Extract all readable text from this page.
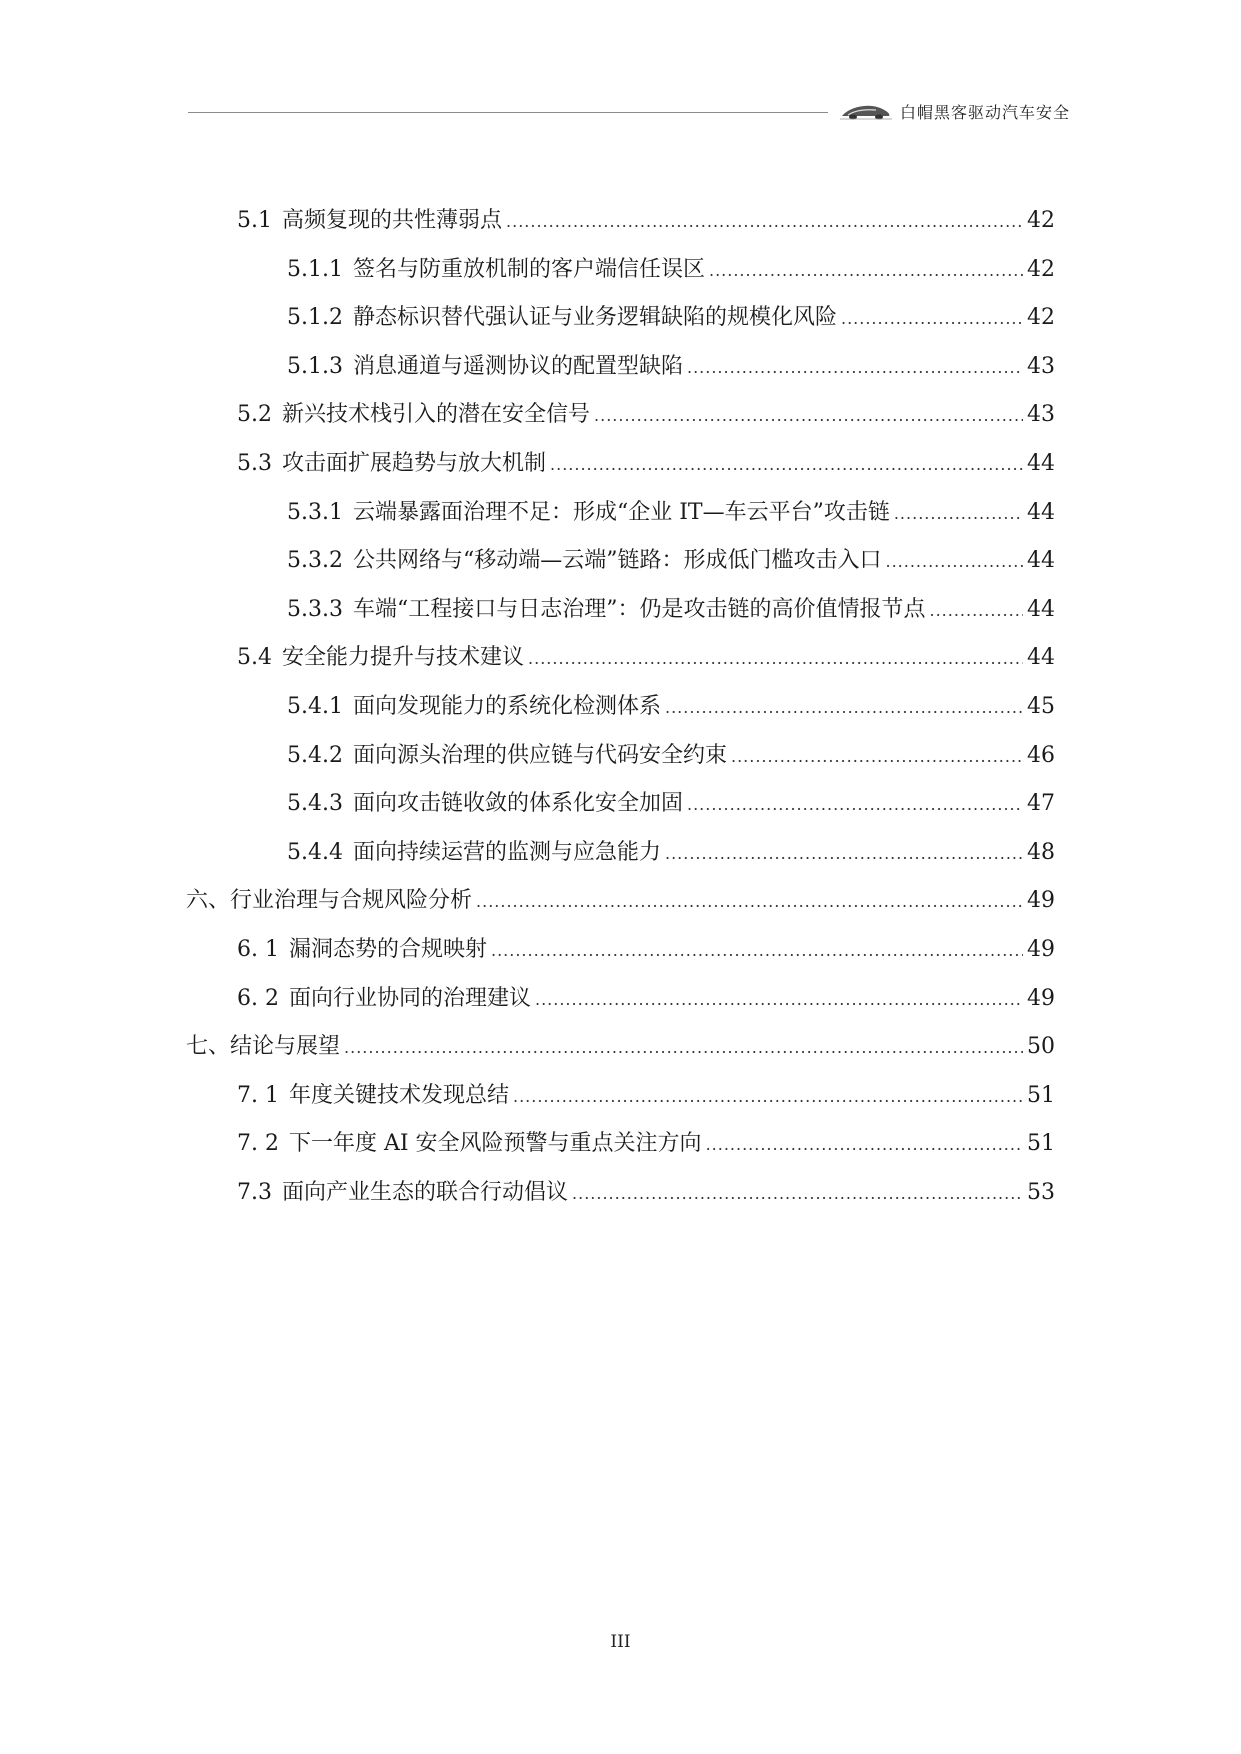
白帽黑客驱动汽车安全
5.1 高频复现的共性薄弱点 .....	42
5.1.1 签名与防重放机制的客户端信任误区 .....	42
5.1.2 静态标识替代强认证与业务逻辑缺陷的规模化风险 .....	42
5.1.3 消息通道与遥测协议的配置型缺陷 .....	43
5.2 新兴技术栈引入的潜在安全信号 .....	43
5.3 攻击面扩展趋势与放大机制 .....	44
5.3.1 云端暴露面治理不足：形成“企业 IT—车云平台”攻击链 .....	44
5.3.2 公共网络与“移动端—云端”链路：形成低门槛攻击入口 .....	44
5.3.3 车端“工程接口与日志治理”：仍是攻击链的高价值情报节点 .....	44
5.4 安全能力提升与技术建议 .....	44
5.4.1 面向发现能力的系统化检测体系 .....	45
5.4.2 面向源头治理的供应链与代码安全约束 .....	46
5.4.3 面向攻击链收敛的体系化安全加固 .....	47
5.4.4 面向持续运营的监测与应急能力 .....	48
六、 行业治理与合规风险分析 .....	49
6. 1 漏洞态势的合规映射 .....	49
6. 2 面向行业协同的治理建议 .....	49
七、 结论与展望 .....	50
7. 1 年度关键技术发现总结 .....	51
7. 2 下一年度 AI 安全风险预警与重点关注方向 .....	51
7.3 面向产业生态的联合行动倡议 .....	53
III
